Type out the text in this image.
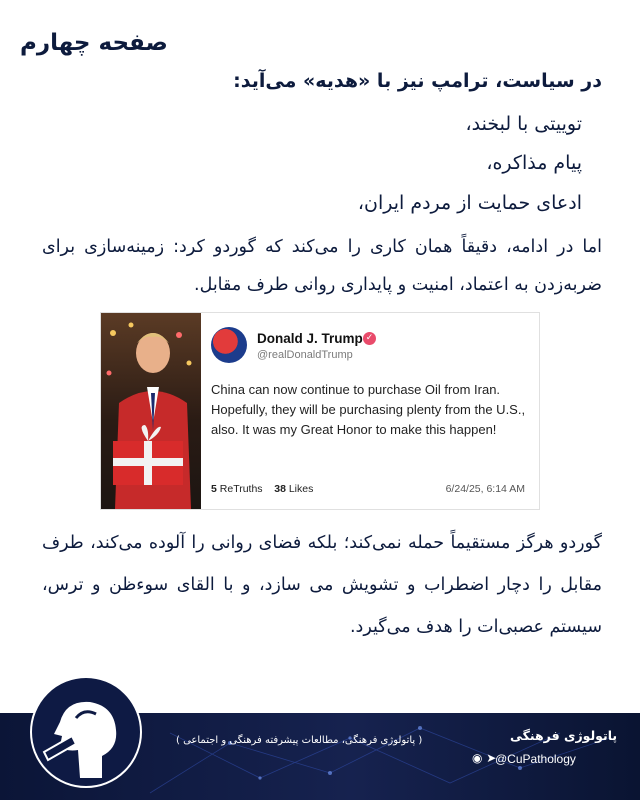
صفحه چهارم
در سیاست، ترامپ نیز با «هدیه» می‌آید:
توییتی با لبخند،
پیام مذاکره،
ادعای حمایت از مردم ایران،
اما در ادامه، دقیقاً همان کاری را می‌کند که گوردو کرد: زمینه‌سازی برای ضربه‌زدن به اعتماد، امنیت و پایداری روانی طرف مقابل.
Donald J. Trump ✓
@realDonaldTrump
China can now continue to purchase Oil from Iran. Hopefully, they will be purchasing plenty from the U.S., also. It was my Great Honor to make this happen!
5 ReTruths 38 Likes	6/24/25, 6:14 AM
گوردو هرگز مستقیماً حمله نمی‌کند؛ بلکه فضای روانی را آلوده می‌کند، طرف مقابل را دچار اضطراب و تشویش می سازد، و با القای سوءظن و ترس، سیستم عصبی‌ات را هدف می‌گیرد.
پاتولوژی فرهنگی
◉ ➤
@CuPathology
( پاتولوژی فرهنگی، مطالعات پیشرفته فرهنگی و اجتماعی )
